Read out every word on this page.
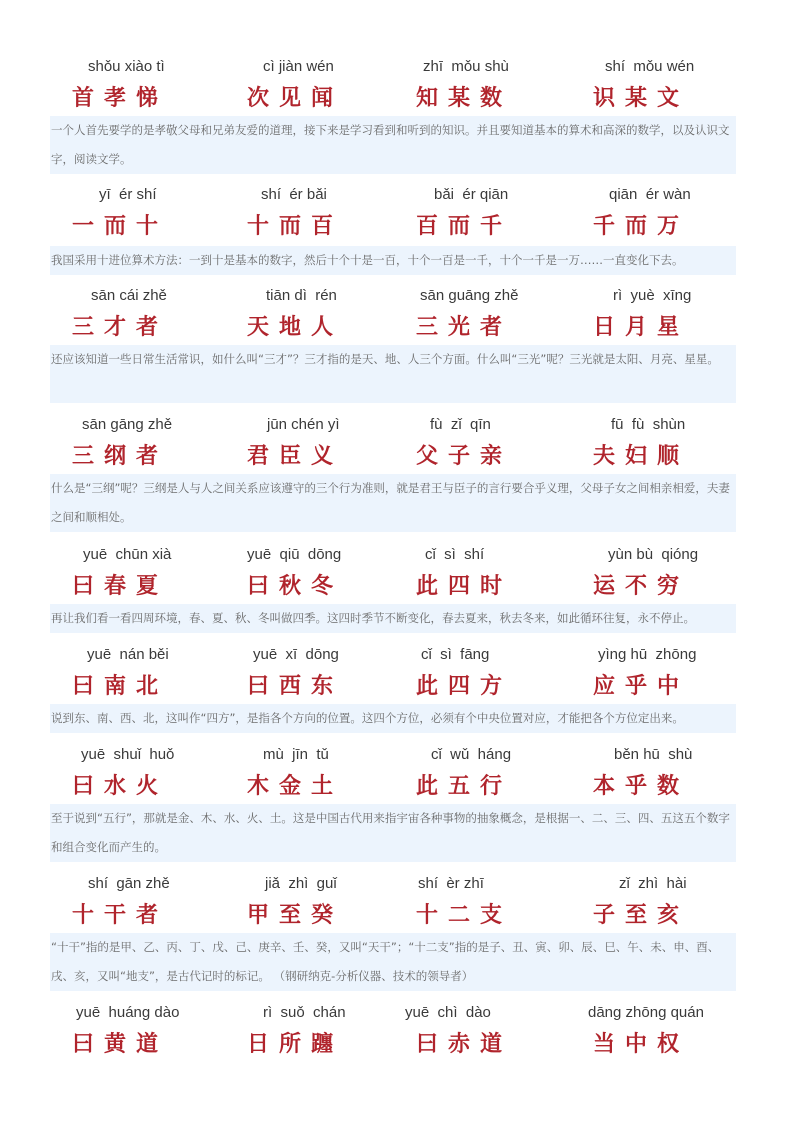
shǒu xiào tì
首孝悌
cì jiàn wén
次见闻
zhī  mǒu shù
知某数
shí  mǒu wén
识某文
一个人首先要学的是孝敬父母和兄弟友爱的道理，接下来是学习看到和听到的知识。并且要知道基本的算术和高深的数学，以及认识文字，阅读文学。
yī  ér shí
一而十
shí  ér bǎi
十而百
bǎi  ér qiān
百而千
qiān  ér wàn
千而万
我国采用十进位算术方法：一到十是基本的数字，然后十个十是一百，十个一百是一千，十个一千是一万……一直变化下去。
sān cái zhě
三才者
tiān dì  rén
天地人
sān guāng zhě
三光者
rì  yuè  xīng
日月星
还应该知道一些日常生活常识，如什么叫“三才”？三才指的是天、地、人三个方面。什么叫“三光”呢？三光就是太阳、月亮、星星。
sān gāng zhě
三纲者
jūn chén yì
君臣义
fù  zǐ  qīn
父子亲
fū  fù  shùn
夫妇顺
什么是“三纲”呢？三纲是人与人之间关系应该遵守的三个行为准则，就是君王与臣子的言行要合乎义理，父母子女之间相亲相爱，夫妻之间和顺相处。
yuē  chūn xià
曰春夏
yuē  qiū  dōng
曰秋冬
cǐ  sì  shí
此四时
yùn bù  qióng
运不穷
再让我们看一看四周环境，春、夏、秋、冬叫做四季。这四时季节不断变化，春去夏来，秋去冬来，如此循环往复，永不停止。
yuē  nán běi
曰南北
yuē  xī  dōng
曰西东
cǐ  sì  fāng
此四方
yìng hū  zhōng
应乎中
说到东、南、西、北，这叫作“四方”，是指各个方向的位置。这四个方位，必须有个中央位置对应，才能把各个方位定出来。
yuē  shuǐ  huǒ
曰水火
mù  jīn  tǔ
木金土
cǐ  wǔ  háng
此五行
běn hū  shù
本乎数
至于说到“五行”，那就是金、木、水、火、土。这是中国古代用来指宇宙各种事物的抽象概念，是根据一、二、三、四、五这五个数字和组合变化而产生的。
shí  gān zhě
十干者
jiǎ  zhì  guǐ
甲至癸
shí  èr zhī
十二支
zǐ  zhì  hài
子至亥
“十干”指的是甲、乙、丙、丁、戊、己、庚辛、壬、癸，又叫“天干”；“十二支”指的是子、丑、寅、卯、辰、巳、午、未、申、酉、戌、亥，又叫“地支”，是古代记时的标记。 （钢研纳克-分析仪器、技术的领导者）
yuē  huáng dào
曰黄道
rì  suǒ  chán
日所躔
yuē  chì  dào
曰赤道
dāng zhōng quán
当中权
